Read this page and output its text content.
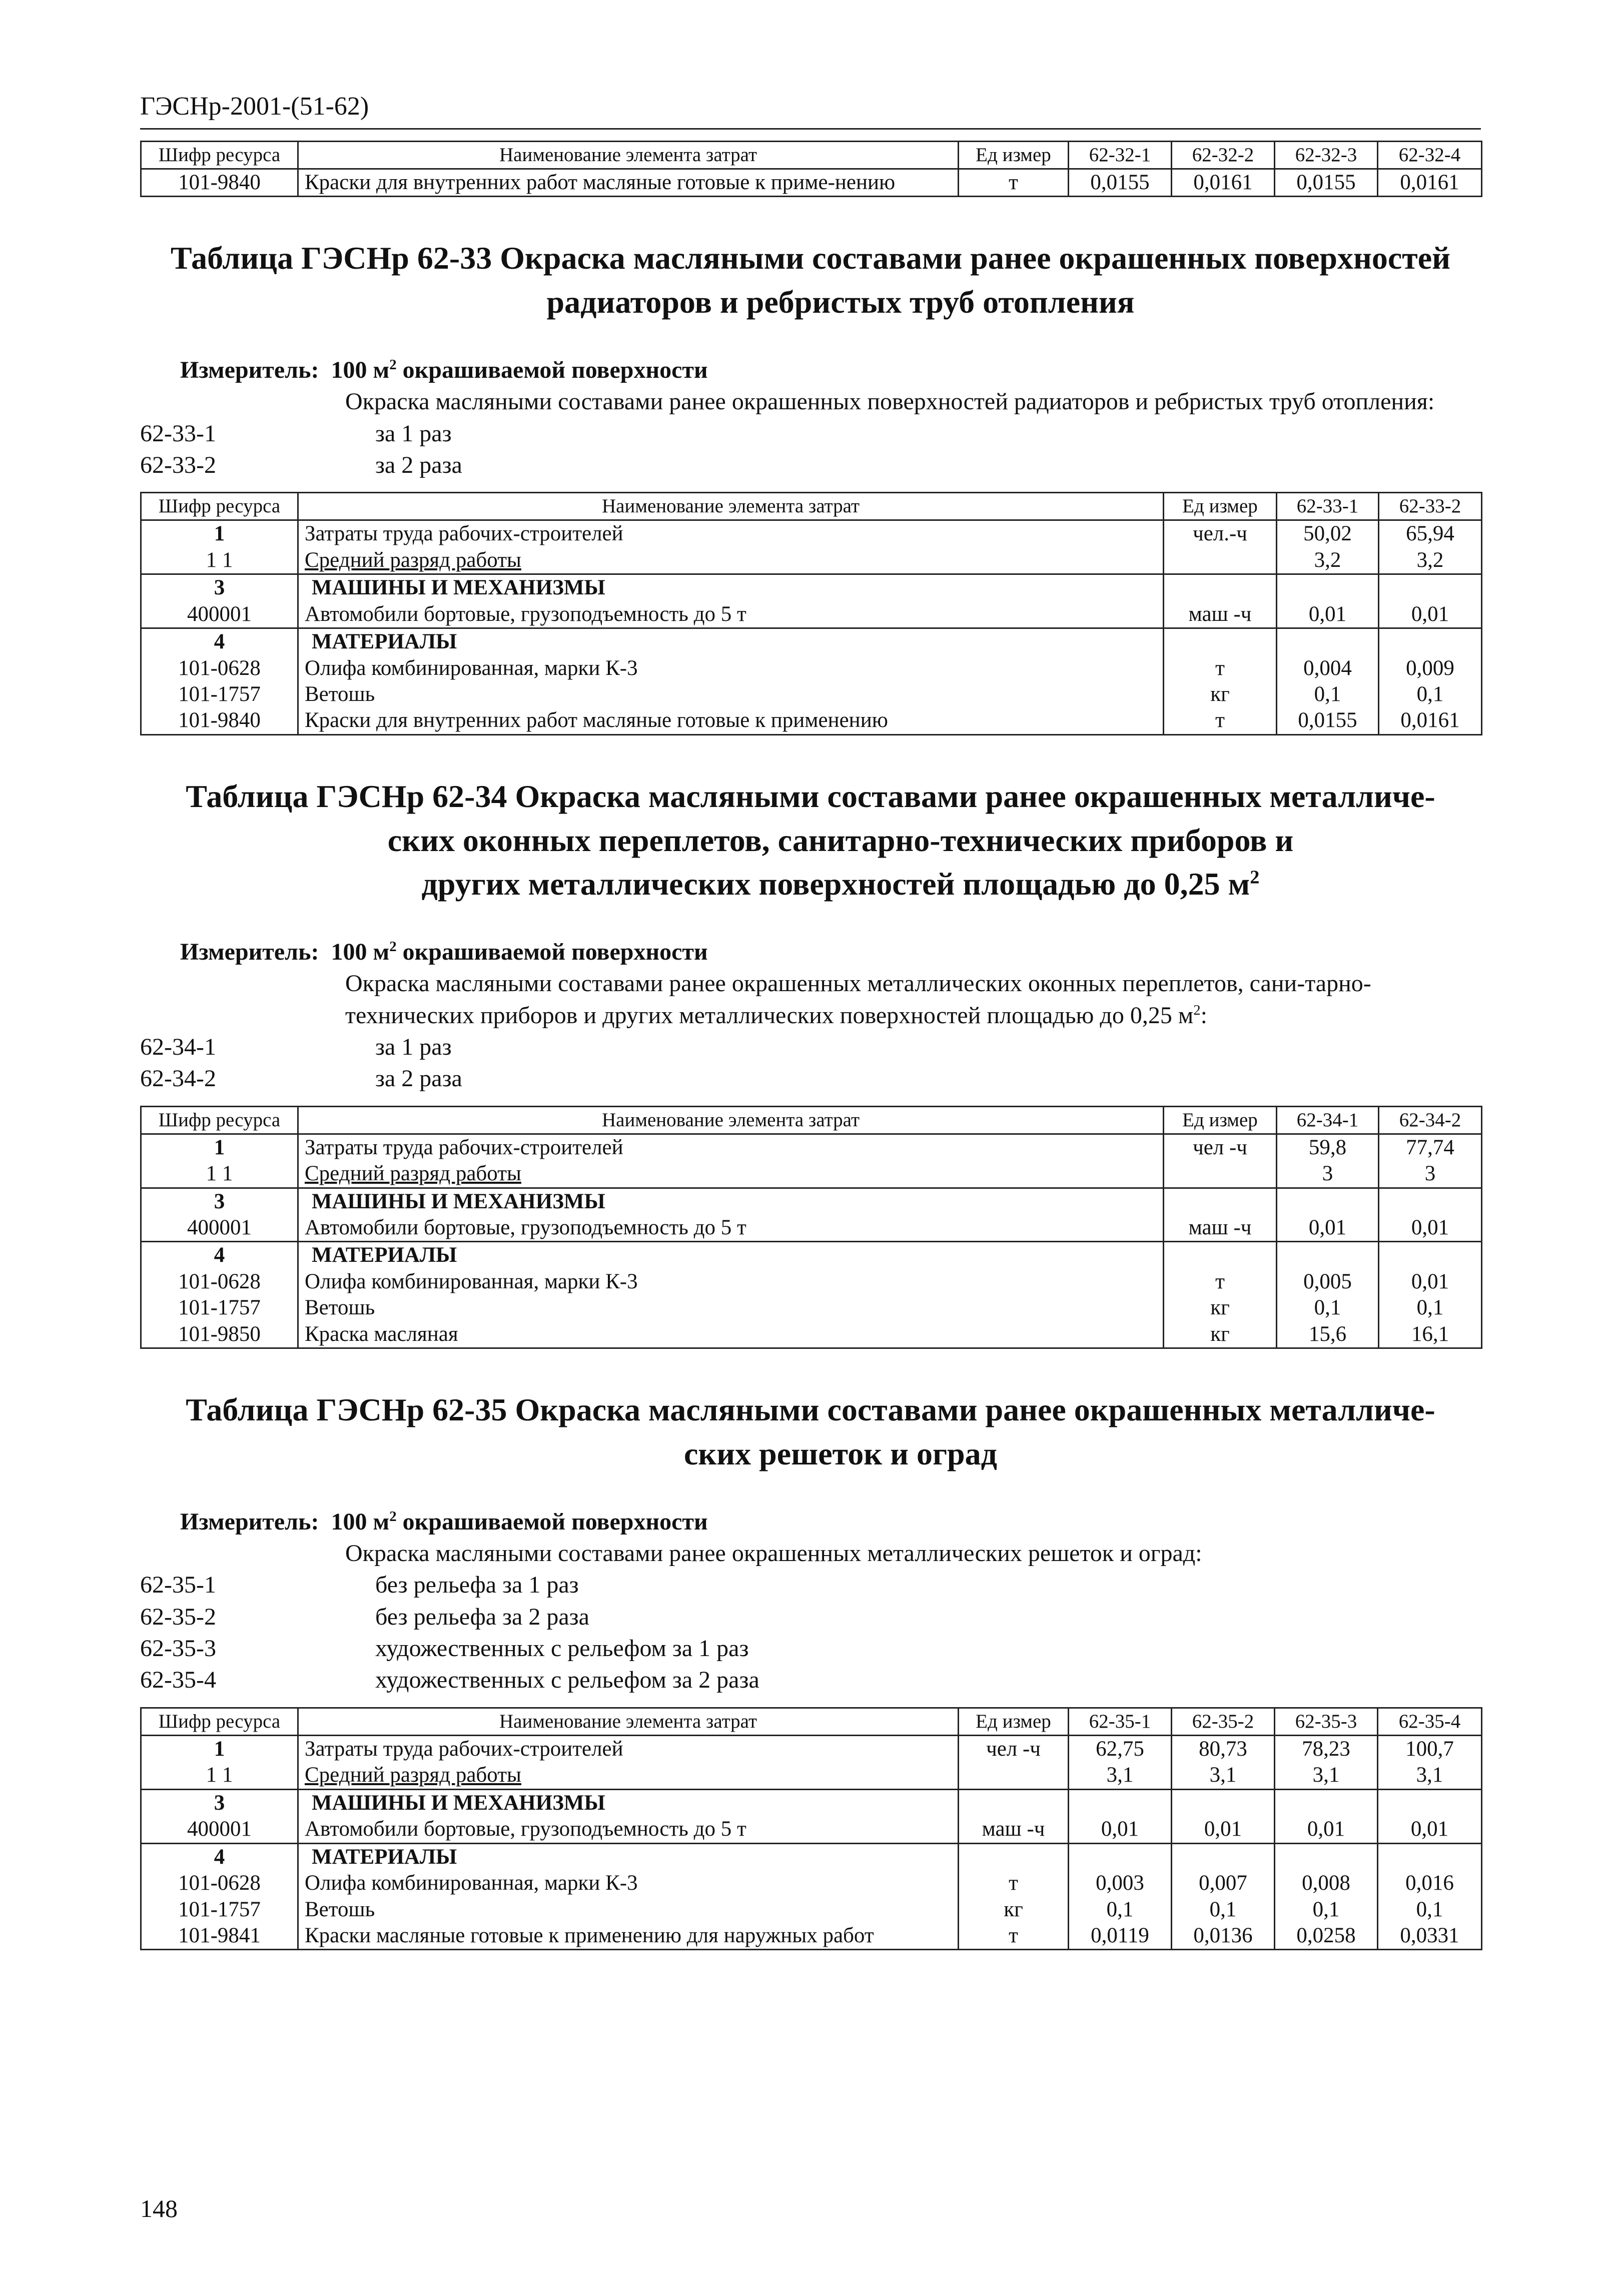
ГЭСНр-2001-(51-62)
Шифр ресурса	Наименование элемента затрат	Ед измер	62-32-1	62-32-2	62-32-3	62-32-4
101-9840	Краски для внутренних работ масляные готовые к приме-нению	т	0,0155	0,0161	0,0155	0,0161
Таблица ГЭСНр 62-33 Окраска масляными составами ранее окрашенных поверхностей
радиаторов и ребристых труб отопления
Измеритель: 100 $м^2$ окрашиваемой поверхности
Окраска масляными составами ранее окрашенных поверхностей радиаторов и ребристых труб отопления:
62-33-1	за 1 раз
62-33-2	за 2 раза
Шифр ресурса	Наименование элемента затрат	Ед измер	62-33-1	62-33-2
1	Затраты труда рабочих-строителей	чел.-ч	50,02	65,94
1 1	Средний разряд работы		3,2	3,2
3	МАШИНЫ И МЕХАНИЗМЫ			
400001	Автомобили бортовые, грузоподъемность до 5 т	маш -ч	0,01	0,01
4	МАТЕРИАЛЫ			
101-0628	Олифа комбинированная, марки К-3	т	0,004	0,009
101-1757	Ветошь	кг	0,1	0,1
101-9840	Краски для внутренних работ масляные готовые к применению	т	0,0155	0,0161
Таблица ГЭСНр 62-34 Окраска масляными составами ранее окрашенных металличе-
ских оконных переплетов, санитарно-технических приборов и
других металлических поверхностей площадью до 0,25 $м^2$
Измеритель: 100 $м^2$ окрашиваемой поверхности
Окраска масляными составами ранее окрашенных металлических оконных переплетов, сани-тарно-технических приборов и других металлических поверхностей площадью до 0,25 $м^2$:
62-34-1	за 1 раз
62-34-2	за 2 раза
Шифр ресурса	Наименование элемента затрат	Ед измер	62-34-1	62-34-2
1	Затраты труда рабочих-строителей	чел -ч	59,8	77,74
1 1	Средний разряд работы		3	3
3	МАШИНЫ И МЕХАНИЗМЫ			
400001	Автомобили бортовые, грузоподъемность до 5 т	маш -ч	0,01	0,01
4	МАТЕРИАЛЫ			
101-0628	Олифа комбинированная, марки К-3	т	0,005	0,01
101-1757	Ветошь	кг	0,1	0,1
101-9850	Краска масляная	кг	15,6	16,1
Таблица ГЭСНр 62-35 Окраска масляными составами ранее окрашенных металличе-
ских решеток и оград
Измеритель: 100 $м^2$ окрашиваемой поверхности
Окраска масляными составами ранее окрашенных металлических решеток и оград:
62-35-1	без рельефа за 1 раз
62-35-2	без рельефа за 2 раза
62-35-3	художественных с рельефом за 1 раз
62-35-4	художественных с рельефом за 2 раза
Шифр ресурса	Наименование элемента затрат	Ед измер	62-35-1	62-35-2	62-35-3	62-35-4
1	Затраты труда рабочих-строителей	чел -ч	62,75	80,73	78,23	100,7
1 1	Средний разряд работы		3,1	3,1	3,1	3,1
3	МАШИНЫ И МЕХАНИЗМЫ					
400001	Автомобили бортовые, грузоподъемность до 5 т	маш -ч	0,01	0,01	0,01	0,01
4	МАТЕРИАЛЫ					
101-0628	Олифа комбинированная, марки К-3	т	0,003	0,007	0,008	0,016
101-1757	Ветошь	кг	0,1	0,1	0,1	0,1
101-9841	Краски масляные готовые к применению для наружных работ	т	0,0119	0,0136	0,0258	0,0331
148
